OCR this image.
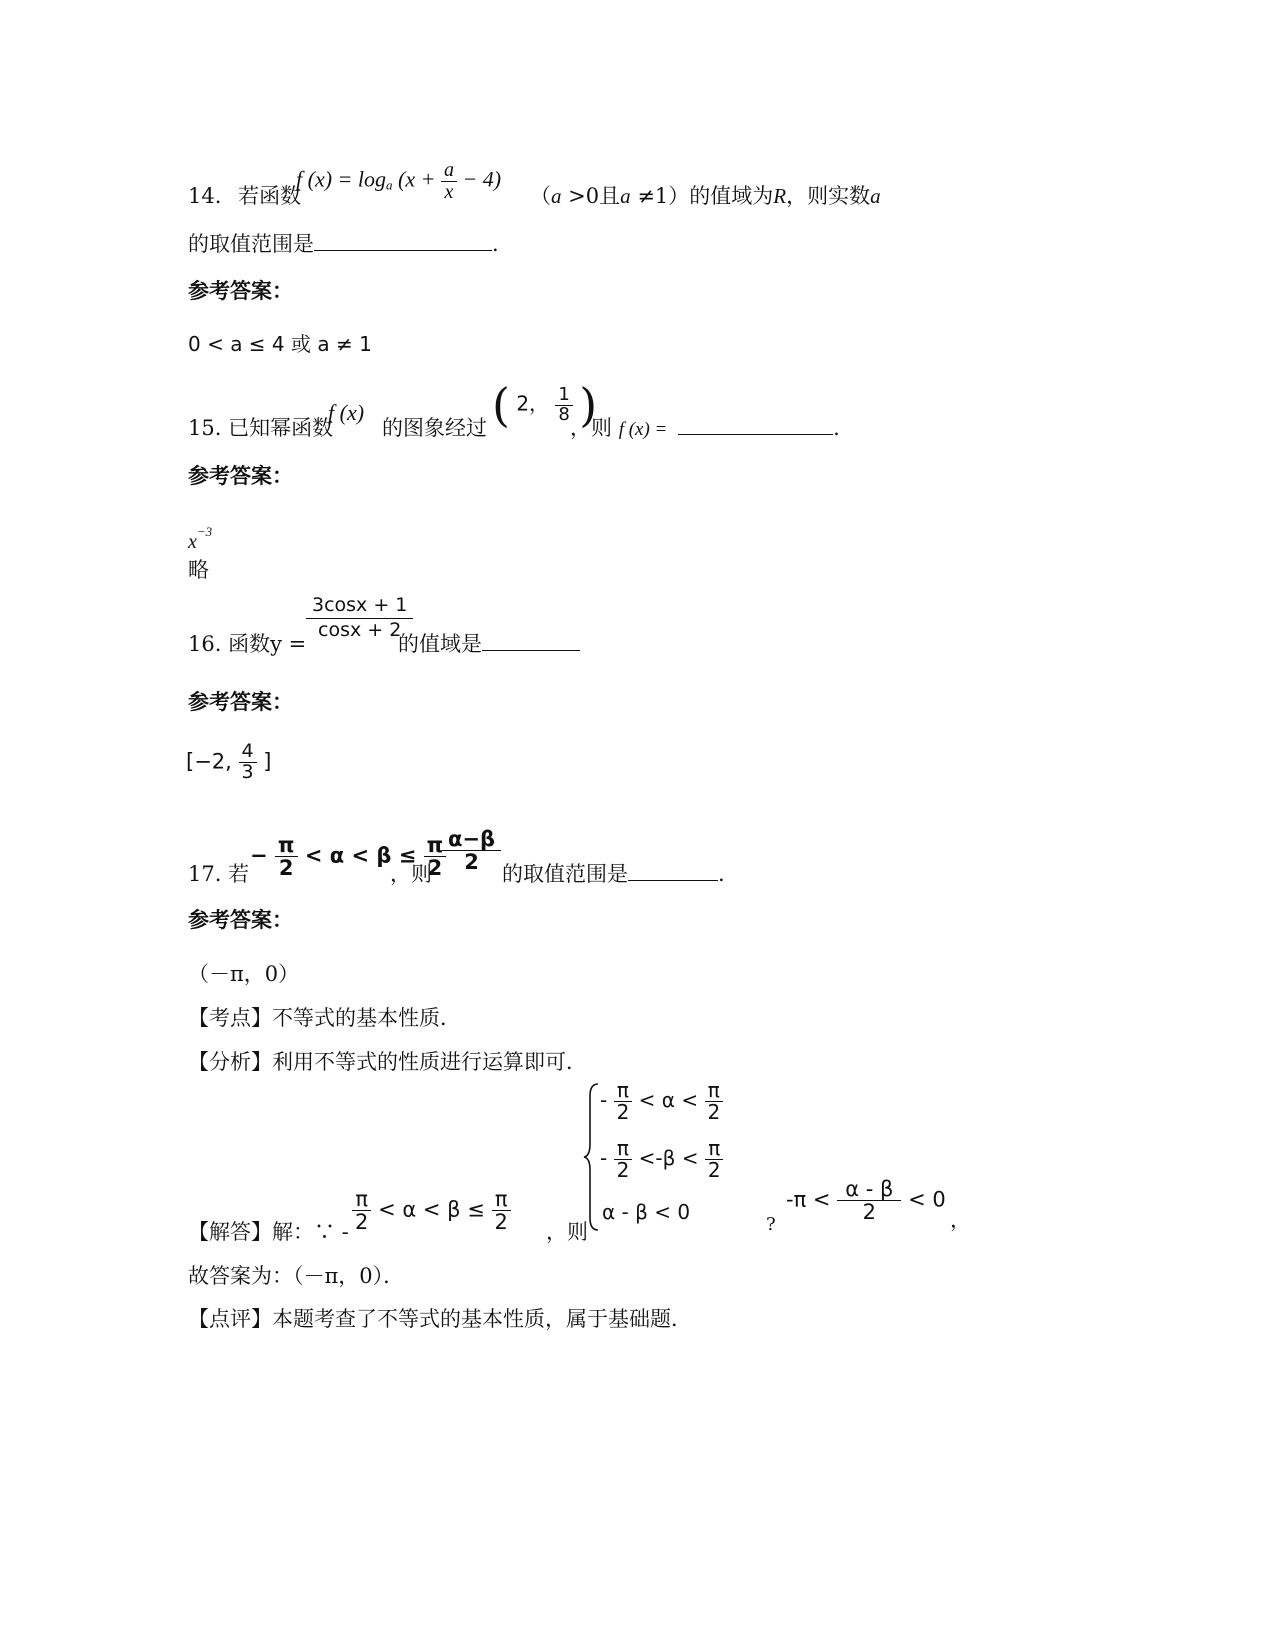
14. 若函数
f $(x) = \log_a (x + \frac{a}{x} - 4)$
（a >0且a ≠1）的值域为R，则实数a
的取值范围是	.
参考答案：
0 < a ≤ 4 或 a ≠ 1
15. 已知幂函数
f (x)
的图象经过 ( 2， $\frac{1}{8}$ )
，则 f (x) =	.
参考答案：
$x^{-3}$
略
16. 函数y =
$\frac{3\cos x + 1}{\cos x + 2}$
的值域是
参考答案：
[−2, $\frac{4}{3}$ ]
17. 若
− $\frac{\pi}{2} < \alpha < \beta \le \frac{\pi}{2}$
，则
$\frac{\alpha-\beta}{2}$
的取值范围是	.
参考答案：
（－π，0）
【考点】不等式的基本性质．
【分析】利用不等式的性质进行运算即可．
【解答】解：∵ - $\frac{\pi}{2} < \alpha < \beta \le \frac{\pi}{2}$ ，则
- $\frac{\pi}{2} < \alpha < \frac{\pi}{2}$
- $\frac{\pi}{2} <-\beta < \frac{\pi}{2}$
α - β < 0
?
$-\pi < \frac{\alpha - \beta}{2} < 0$
，
故答案为：（－π，0）．
【点评】本题考查了不等式的基本性质，属于基础题．
